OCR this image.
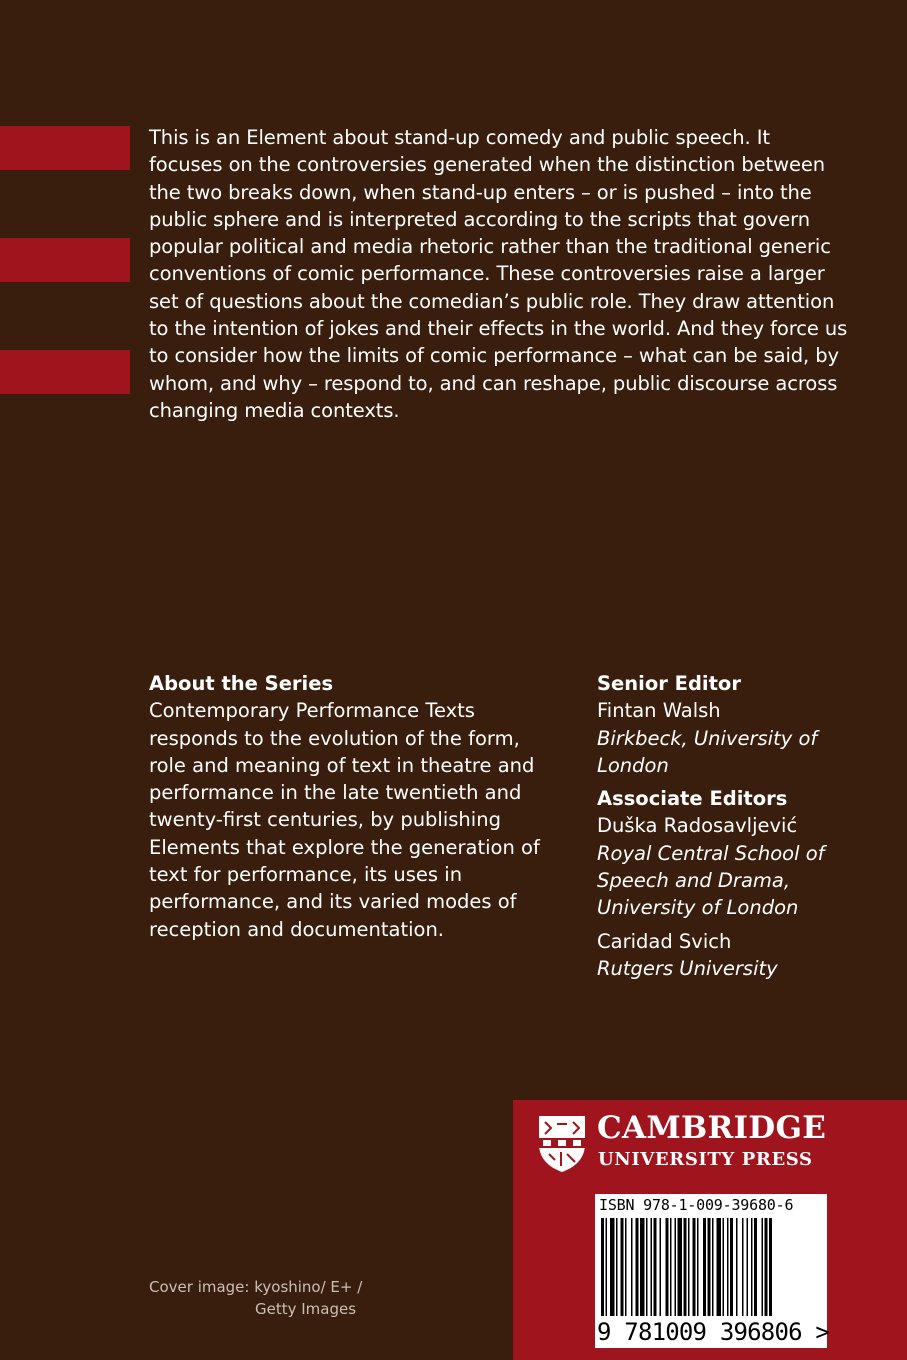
This is an Element about stand-up comedy and public speech. It focuses on the controversies generated when the distinction between the two breaks down, when stand-up enters – or is pushed – into the public sphere and is interpreted according to the scripts that govern popular political and media rhetoric rather than the traditional generic conventions of comic performance. These controversies raise a larger set of questions about the comedian’s public role. They draw attention to the intention of jokes and their effects in the world. And they force us to consider how the limits of comic performance – what can be said, by whom, and why – respond to, and can reshape, public discourse across changing media contexts.

About the Series

Contemporary Performance Texts responds to the evolution of the form, role and meaning of text in theatre and performance in the late twentieth and twenty-first centuries, by publishing Elements that explore the generation of text for performance, its uses in performance, and its varied modes of reception and documentation.

Senior Editor

Fintan Walsh

Birkbeck, University of London

Associate Editors

Duška Radosavljević

Royal Central School of Speech and Drama, University of London

Caridad Svich

Rutgers University

Cover image: kyoshino/ E+ /
Getty Images
CAMBRIDGE
UNIVERSITY PRESS
ISBN 978-1-009-39680-6
9 781009 396806 >
